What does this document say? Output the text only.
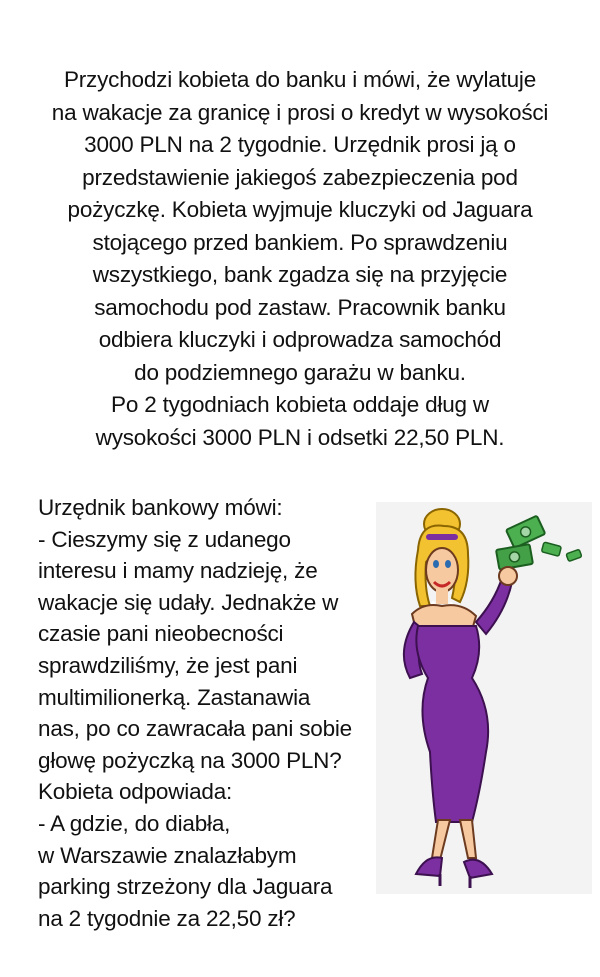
Przychodzi kobieta do banku i mówi, że wylatuje
na wakacje za granicę i prosi o kredyt w wysokości
3000 PLN na 2 tygodnie. Urzędnik prosi ją o
przedstawienie jakiegoś zabezpieczenia pod
pożyczkę. Kobieta wyjmuje kluczyki od Jaguara
stojącego przed bankiem. Po sprawdzeniu
wszystkiego, bank zgadza się na przyjęcie
samochodu pod zastaw. Pracownik banku
odbiera kluczyki i odprowadza samochód
do podziemnego garażu w banku.
Po 2 tygodniach kobieta oddaje dług w
wysokości 3000 PLN i odsetki 22,50 PLN.
Urzędnik bankowy mówi:
- Cieszymy się z udanego
interesu i mamy nadzieję, że
wakacje się udały. Jednakże w
czasie pani nieobecności
sprawdziliśmy, że jest pani
multimilionerką. Zastanawia
nas, po co zawracała pani sobie
głowę pożyczką na 3000 PLN?
Kobieta odpowiada:
- A gdzie, do diabła,
w Warszawie znalazłabym
parking strzeżony dla Jaguara
na 2 tygodnie za 22,50 zł?
